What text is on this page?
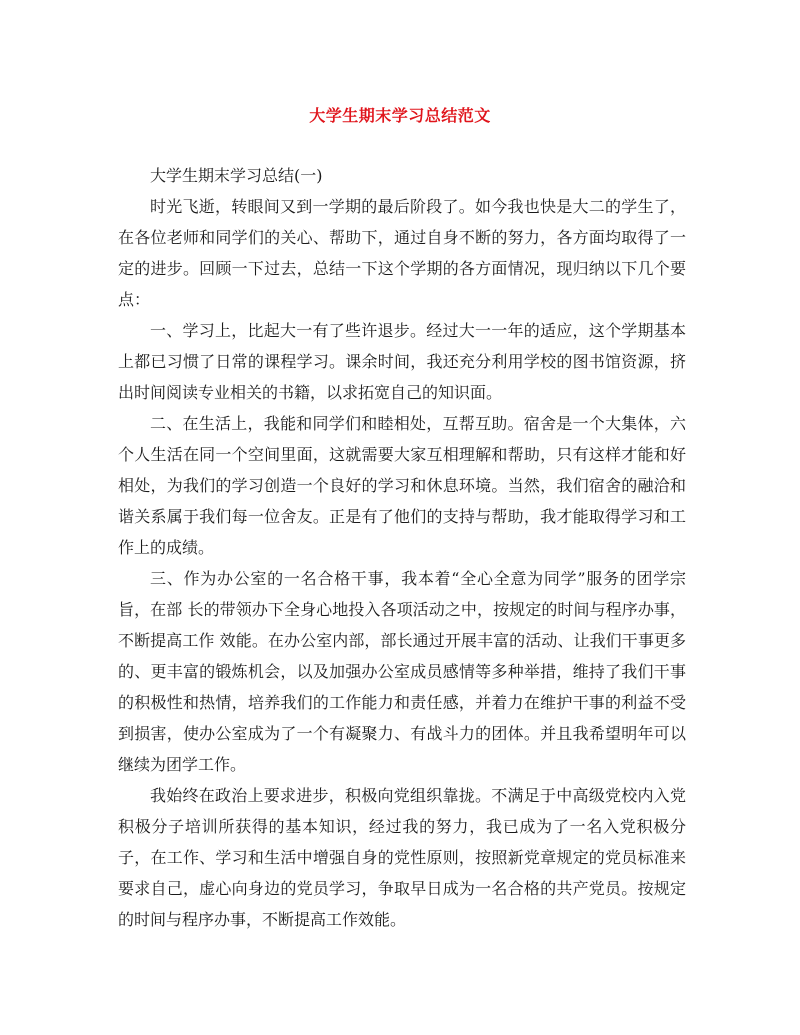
大学生期末学习总结范文

大学生期末学习总结(一)

时光飞逝，转眼间又到一学期的最后阶段了。如今我也快是大二的学生了，在各位老师和同学们的关心、帮助下，通过自身不断的努力，各方面均取得了一定的进步。回顾一下过去，总结一下这个学期的各方面情况，现归纳以下几个要点：

一、学习上，比起大一有了些许退步。经过大一一年的适应，这个学期基本上都已习惯了日常的课程学习。课余时间，我还充分利用学校的图书馆资源，挤出时间阅读专业相关的书籍，以求拓宽自己的知识面。

二、在生活上，我能和同学们和睦相处，互帮互助。宿舍是一个大集体，六个人生活在同一个空间里面，这就需要大家互相理解和帮助，只有这样才能和好相处，为我们的学习创造一个良好的学习和休息环境。当然，我们宿舍的融洽和谐关系属于我们每一位舍友。正是有了他们的支持与帮助，我才能取得学习和工作上的成绩。

三、作为办公室的一名合格干事，我本着“全心全意为同学”服务的团学宗旨，在部 长的带领办下全身心地投入各项活动之中，按规定的时间与程序办事，不断提高工作 效能。在办公室内部，部长通过开展丰富的活动、让我们干事更多的、更丰富的锻炼机会，以及加强办公室成员感情等多种举措，维持了我们干事的积极性和热情，培养我们的工作能力和责任感，并着力在维护干事的利益不受到损害，使办公室成为了一个有凝聚力、有战斗力的团体。并且我希望明年可以继续为团学工作。

我始终在政治上要求进步，积极向党组织靠拢。不满足于中高级党校内入党积极分子培训所获得的基本知识，经过我的努力，我已成为了一名入党积极分子，在工作、学习和生活中增强自身的党性原则，按照新党章规定的党员标准来要求自己，虚心向身边的党员学习，争取早日成为一名合格的共产党员。按规定的时间与程序办事，不断提高工作效能。
